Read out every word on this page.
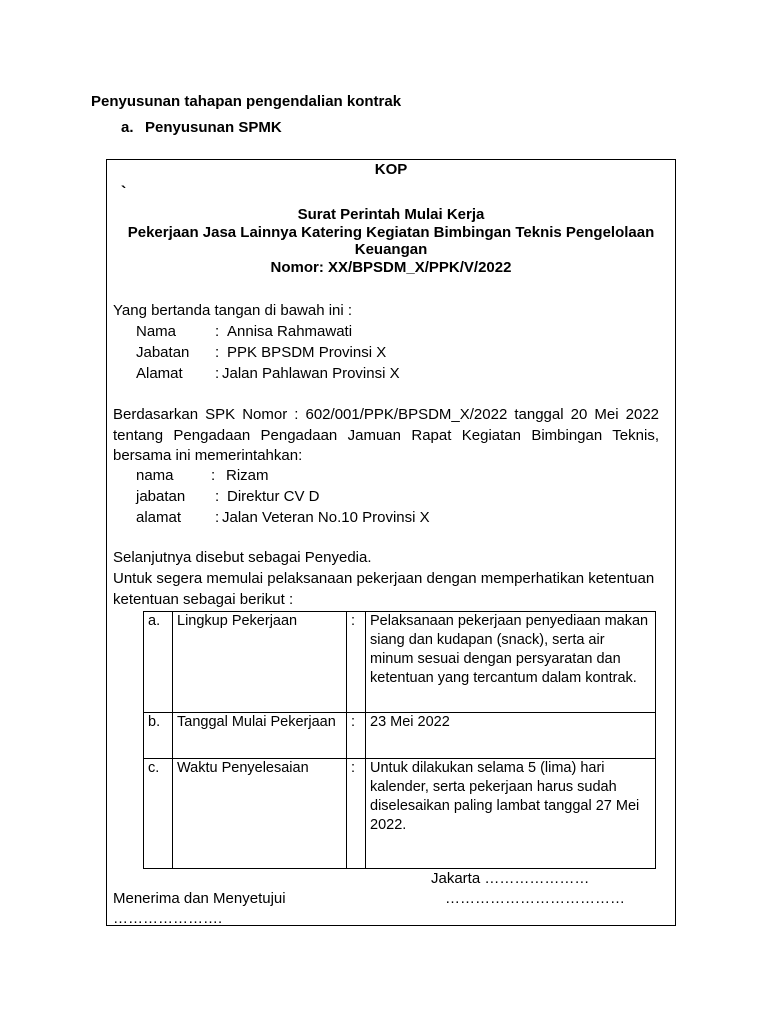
Penyusunan tahapan pengendalian kontrak
a. Penyusunan SPMK
KOP
`
Surat Perintah Mulai Kerja
Pekerjaan Jasa Lainnya Katering Kegiatan Bimbingan Teknis Pengelolaan
Keuangan
Nomor: XX/BPSDM_X/PPK/V/2022
Yang bertanda tangan di bawah ini :
Nama	: Annisa Rahmawati
Jabatan : PPK BPSDM Provinsi X
Alamat : Jalan Pahlawan Provinsi X
Berdasarkan SPK Nomor : 602/001/PPK/BPSDM_X/2022 tanggal 20 Mei 2022 tentang Pengadaan Pengadaan Jamuan Rapat Kegiatan Bimbingan Teknis, bersama ini memerintahkan:
nama : Rizam
jabatan : Direktur CV D
alamat : Jalan Veteran No.10 Provinsi X
Selanjutnya disebut sebagai Penyedia.
Untuk segera memulai pelaksanaan pekerjaan dengan memperhatikan ketentuan ketentuan sebagai berikut :
a.	Lingkup Pekerjaan	:	Pelaksanaan pekerjaan penyediaan makan siang dan kudapan (snack), serta air minum sesuai dengan persyaratan dan ketentuan yang tercantum dalam kontrak.
b.	Tanggal Mulai Pekerjaan	:	23 Mei 2022
c.	Waktu Penyelesaian	:	Untuk dilakukan selama 5 (lima) hari kalender, serta pekerjaan harus sudah diselesaikan paling lambat tanggal 27 Mei 2022.
Jakarta …………………
Menerima dan Menyetujui	………………………………
………………….
